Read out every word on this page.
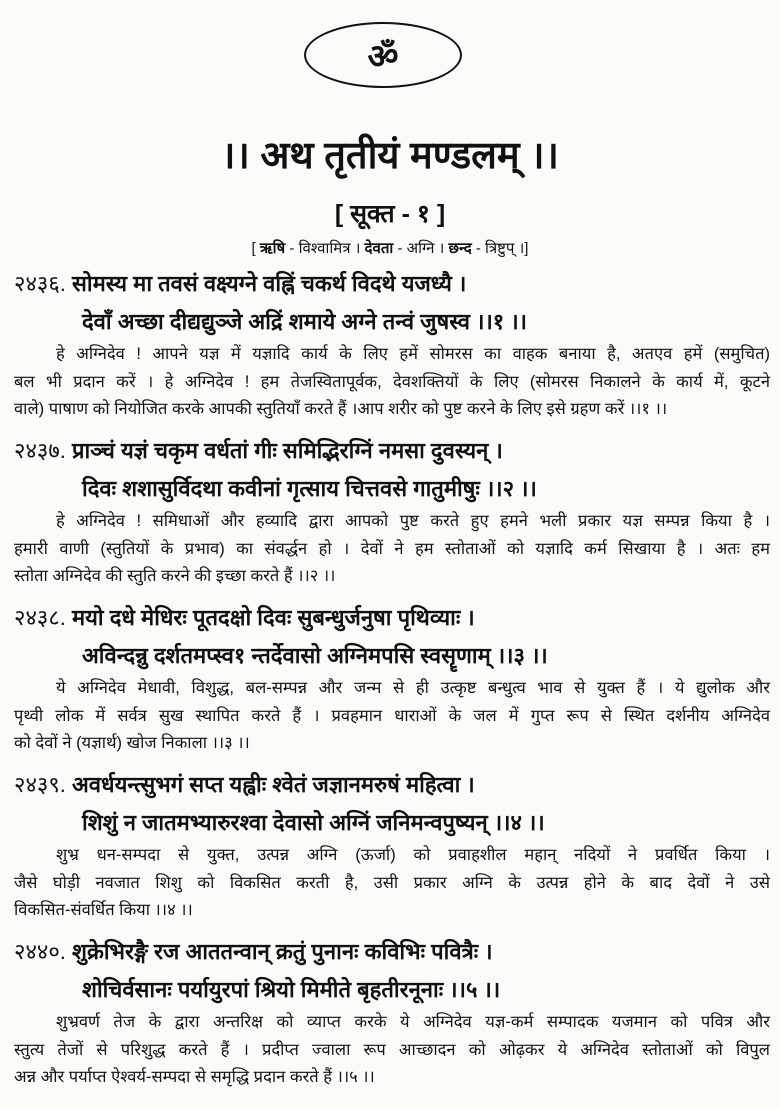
ॐ
।। अथ तृतीयं मण्डलम् ।।
[ सूक्त - १ ]
[ ऋषि - विश्वामित्र । देवता - अग्नि । छन्द - त्रिष्टुप् ।]
२४३६. सोमस्य मा तवसं वक्ष्यग्ने वह्निं चकर्थ विदथे यजध्यै ।
देवाँ अच्छा दीद्यद्युञ्जे अद्रिं शमाये अग्ने तन्वं जुषस्व ।।१ ।।
हे अग्निदेव ! आपने यज्ञ में यज्ञादि कार्य के लिए हमें सोमरस का वाहक बनाया है, अतएव हमें (समुचित)
बल भी प्रदान करें । हे अग्निदेव ! हम तेजस्वितापूर्वक, देवशक्तियों के लिए (सोमरस निकालने के कार्य में, कूटने
वाले) पाषाण को नियोजित करके आपकी स्तुतियाँ करते हैं ।आप शरीर को पुष्ट करने के लिए इसे ग्रहण करें ।।१ ।।
२४३७. प्राञ्चं यज्ञं चकृम वर्धतां गीः समिद्भिरग्निं नमसा दुवस्यन् ।
दिवः शशासुर्विदथा कवीनां गृत्साय चित्तवसे गातुमीषुः ।।२ ।।
हे अग्निदेव ! समिधाओं और हव्यादि द्वारा आपको पुष्ट करते हुए हमने भली प्रकार यज्ञ सम्पन्न किया है ।
हमारी वाणी (स्तुतियों के प्रभाव) का संवर्द्धन हो । देवों ने हम स्तोताओं को यज्ञादि कर्म सिखाया है । अतः हम
स्तोता अग्निदेव की स्तुति करने की इच्छा करते हैं ।।२ ।।
२४३८. मयो दधे मेधिरः पूतदक्षो दिवः सुबन्धुर्जनुषा पृथिव्याः ।
अविन्दन्नु दर्शतमप्स्व१ न्तर्देवासो अग्निमपसि स्वसॄणाम् ।।३ ।।
ये अग्निदेव मेधावी, विशुद्ध, बल-सम्पन्न और जन्म से ही उत्कृष्ट बन्धुत्व भाव से युक्त हैं । ये द्युलोक और
पृथ्वी लोक में सर्वत्र सुख स्थापित करते हैं । प्रवहमान धाराओं के जल में गुप्त रूप से स्थित दर्शनीय अग्निदेव
को देवों ने (यज्ञार्थ) खोज निकाला ।।३ ।।
२४३९. अवर्धयन्त्सुभगं सप्त यह्वीः श्वेतं जज्ञानमरुषं महित्वा ।
शिशुं न जातमभ्यारुरश्वा देवासो अग्निं जनिमन्वपुष्यन् ।।४ ।।
शुभ्र धन-सम्पदा से युक्त, उत्पन्न अग्नि (ऊर्जा) को प्रवाहशील महान् नदियों ने प्रवर्धित किया ।
जैसे घोड़ी नवजात शिशु को विकसित करती है, उसी प्रकार अग्नि के उत्पन्न होने के बाद देवों ने उसे
विकसित-संवर्धित किया ।।४ ।।
२४४०. शुक्रेभिरङ्गै रज आततन्वान् क्रतुं पुनानः कविभिः पवित्रैः ।
शोचिर्वसानः पर्यायुरपां श्रियो मिमीते बृहतीरनूनाः ।।५ ।।
शुभ्रवर्ण तेज के द्वारा अन्तरिक्ष को व्याप्त करके ये अग्निदेव यज्ञ-कर्म सम्पादक यजमान को पवित्र और
स्तुत्य तेजों से परिशुद्ध करते हैं । प्रदीप्त ज्वाला रूप आच्छादन को ओढ़कर ये अग्निदेव स्तोताओं को विपुल
अन्न और पर्याप्त ऐश्वर्य-सम्पदा से समृद्धि प्रदान करते हैं ।।५ ।।
